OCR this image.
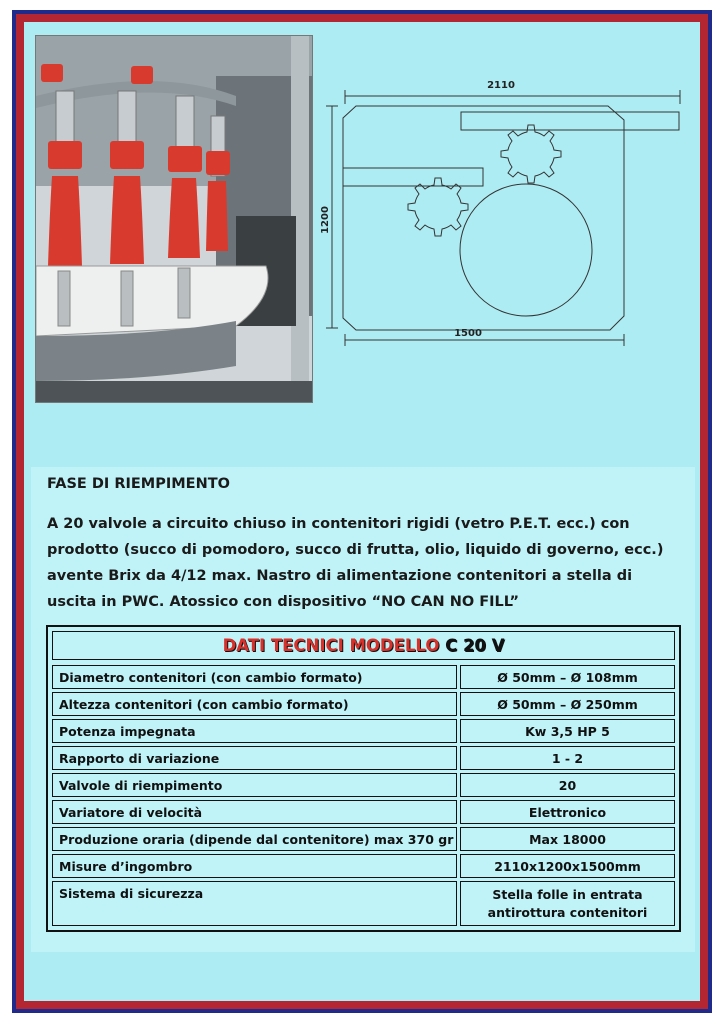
2110
1200
1500
FASE DI RIEMPIMENTO
A 20 valvole a circuito chiuso in contenitori rigidi (vetro P.E.T. ecc.) con
prodotto (succo di pomodoro, succo di frutta, olio, liquido di governo, ecc.)
avente Brix da 4/12 max. Nastro di alimentazione contenitori a stella di
uscita in PWC. Atossico con dispositivo “NO CAN NO FILL”
DATI TECNICI MODELLO C 20 V
Diametro contenitori (con cambio formato)	Ø 50mm – Ø 108mm
Altezza contenitori (con cambio formato)	Ø 50mm – Ø 250mm
Potenza impegnata	Kw 3,5 HP 5
Rapporto di variazione	1 - 2
Valvole di riempimento	20
Variatore di velocità	Elettronico
Produzione oraria (dipende dal contenitore) max 370 gr	Max 18000
Misure d’ingombro	2110x1200x1500mm
Sistema di sicurezza	Stella folle in entrata
antirottura contenitori
